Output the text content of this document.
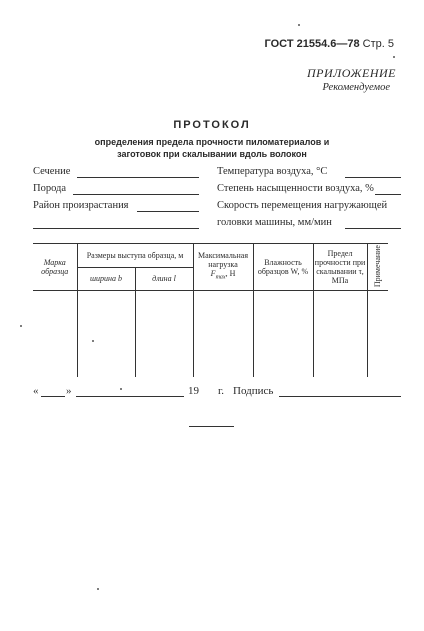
ГОСТ 21554.6—78 Стр. 5
ПРИЛОЖЕНИЕ
Рекомендуемое
ПРОТОКОЛ
определения предела прочности пиломатериалов и
заготовок при скалывании вдоль волокон
Сечение
Порода
Район произрастания
Температура воздуха, °С
Степень насыщенности воздуха, %
Скорость перемещения нагружающей
головки машины, мм/мин
Марка образца	Размеры выступа образца, м		Максимальная нагрузка
$F_{max}$, Н	Влажность образцов W, %	Предел прочности при скалывании τ, МПа	Примечание
	ширина b	длина l				

«	»	19 г. Подпись
